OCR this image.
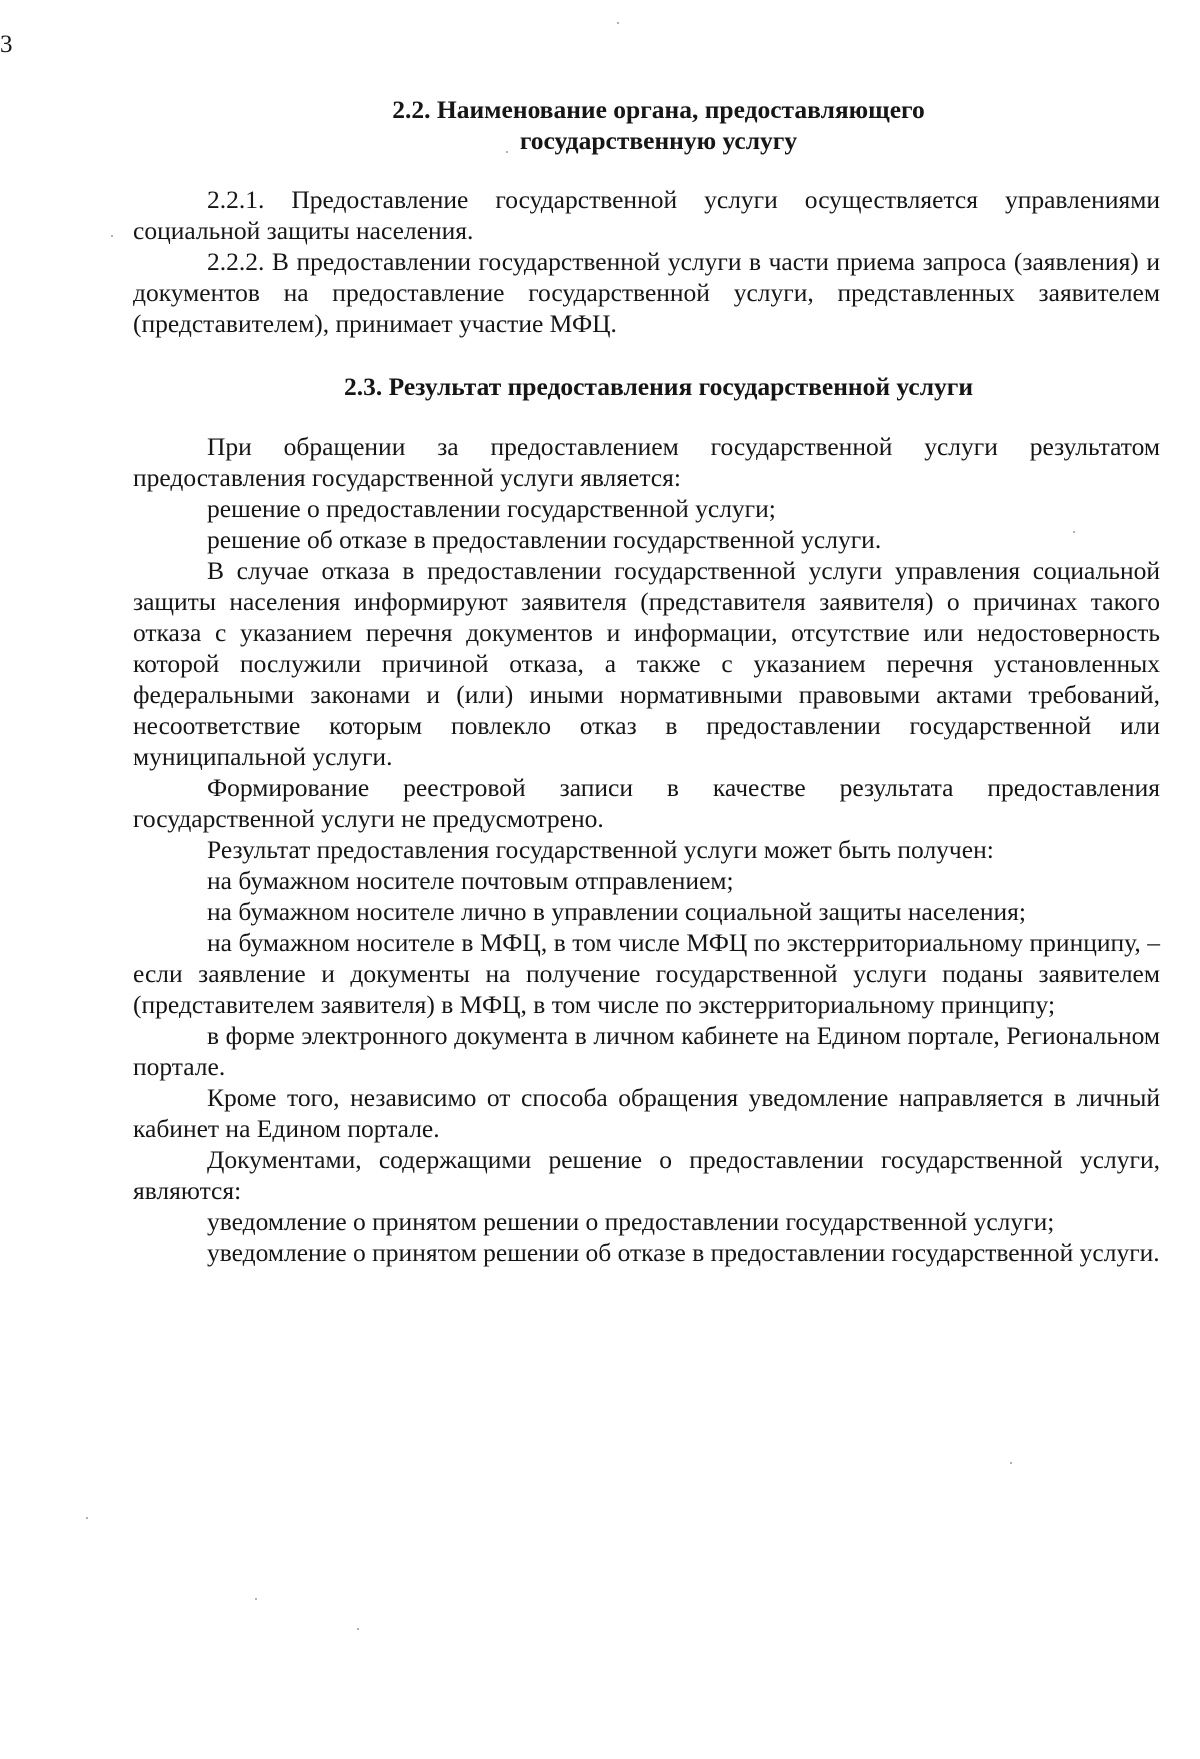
3

2.2. Наименование органа, предоставляющего
государственную услугу

2.2.1. Предоставление государственной услуги осуществляется управлениями социальной защиты населения.

2.2.2. В предоставлении государственной услуги в части приема запроса (заявления) и документов на предоставление государственной услуги, представленных заявителем (представителем), принимает участие МФЦ.

2.3. Результат предоставления государственной услуги

При обращении за предоставлением государственной услуги результатом предоставления государственной услуги является:

решение о предоставлении государственной услуги;

решение об отказе в предоставлении государственной услуги.

В случае отказа в предоставлении государственной услуги управления социальной защиты населения информируют заявителя (представителя заявителя) о причинах такого отказа с указанием перечня документов и информации, отсутствие или недостоверность которой послужили причиной отказа, а также с указанием перечня установленных федеральными законами и (или) иными нормативными правовыми актами требований, несоответствие которым повлекло отказ в предоставлении государственной или муниципальной услуги.

Формирование реестровой записи в качестве результата предоставления государственной услуги не предусмотрено.

Результат предоставления государственной услуги может быть получен:

на бумажном носителе почтовым отправлением;

на бумажном носителе лично в управлении социальной защиты населения;

на бумажном носителе в МФЦ, в том числе МФЦ по экстерриториальному принципу, – если заявление и документы на получение государственной услуги поданы заявителем (представителем заявителя) в МФЦ, в том числе по экстерриториальному принципу;

в форме электронного документа в личном кабинете на Едином портале, Региональном портале.

Кроме того, независимо от способа обращения уведомление направляется в личный кабинет на Едином портале.

Документами, содержащими решение о предоставлении государственной услуги, являются:

уведомление о принятом решении о предоставлении государственной услуги;

уведомление о принятом решении об отказе в предоставлении государственной услуги.
